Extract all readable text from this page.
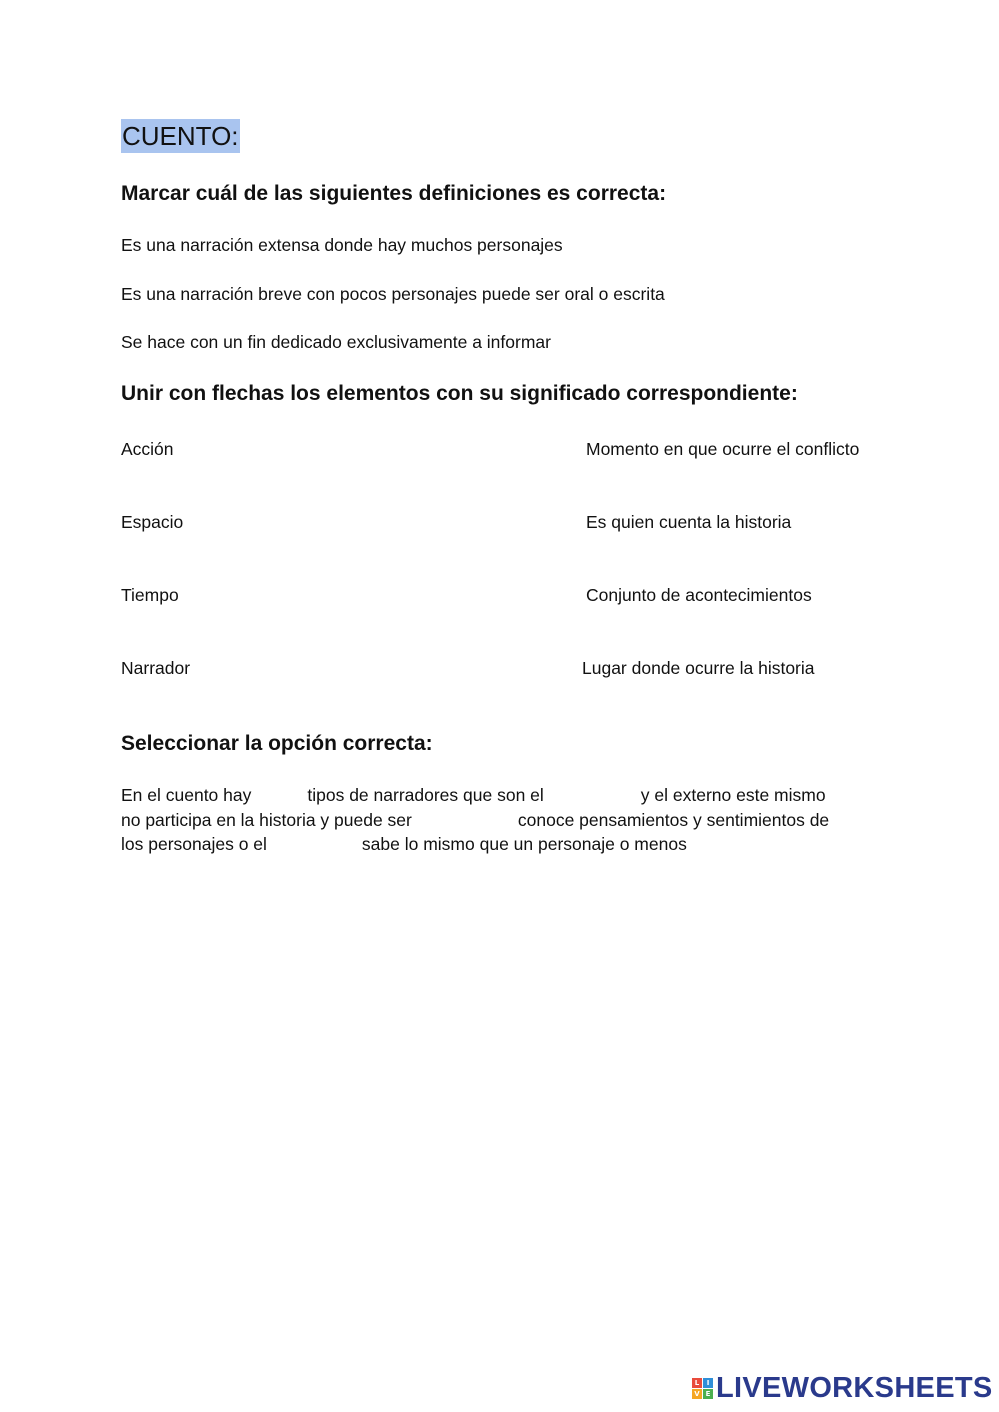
CUENTO:
Marcar cuál de las siguientes definiciones es correcta:
Es una narración extensa donde hay muchos personajes
Es una narración breve con pocos personajes puede ser oral o escrita
Se hace con un fin dedicado exclusivamente a informar
Unir con flechas los elementos con su significado correspondiente:
Acción	Momento en que ocurre el conflicto
Espacio	Es quien cuenta la historia
Tiempo	Conjunto de acontecimientos
Narrador	Lugar donde ocurre la historia
Seleccionar la opción correcta:
En el cuento hay	tipos de narradores que son el	y el externo este mismo
no participa en la historia y puede ser	conoce pensamientos y sentimientos de
los personajes o el	sabe lo mismo que un personaje o menos
L	I
V E LIVEWORKSHEETS
